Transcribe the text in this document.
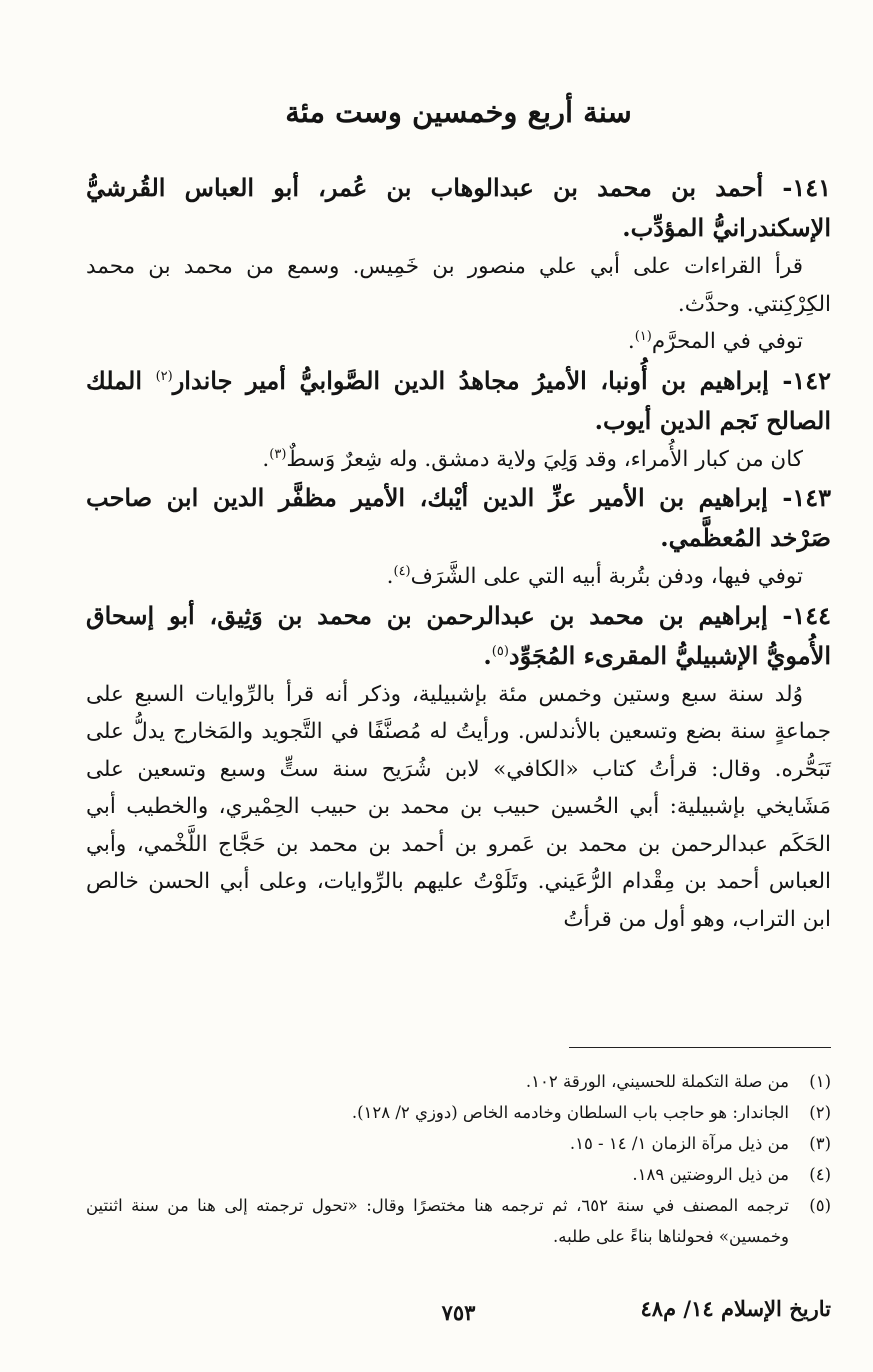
سنة أربع وخمسين وست مئة

١٤١- أحمد بن محمد بن عبدالوهاب بن عُمر، أبو العباس القُرشيُّ الإسكندرانيُّ المؤدِّب.

قرأ القراءات على أبي علي منصور بن خَمِيس. وسمع من محمد بن محمد الكِرْكِنتي. وحدَّث.

توفي في المحرَّم$^{(١)}$.

١٤٢- إبراهيم بن أُونبا، الأميرُ مجاهدُ الدين الصَّوابيُّ أمير جاندار$^{(٢)}$ الملك الصالح نَجم الدين أيوب.

كان من كبار الأُمراء، وقد وَلِيَ ولاية دمشق. وله شِعرٌ وَسطٌ$^{(٣)}$.

١٤٣- إبراهيم بن الأمير عزِّ الدين أيْبك، الأمير مظفَّر الدين ابن صاحب صَرْخد المُعظَّمي.

توفي فيها، ودفن بتُربة أبيه التي على الشَّرَف$^{(٤)}$.

١٤٤- إبراهيم بن محمد بن عبدالرحمن بن محمد بن وَثِيق، أبو إسحاق الأُمويُّ الإشبيليُّ المقرىء المُجَوِّد$^{(٥)}$.

وُلد سنة سبع وستين وخمس مئة بإشبيلية، وذكر أنه قرأ بالرِّوايات السبع على جماعةٍ سنة بضع وتسعين بالأندلس. ورأيتُ له مُصنَّفًا في التَّجويد والمَخارج يدلُّ على تَبَحُّره. وقال: قرأتُ كتاب «الكافي» لابن شُرَيح سنة ستٍّ وسبع وتسعين على مَشَايخي بإشبيلية: أبي الحُسين حبيب بن محمد بن حبيب الحِمْيري، والخطيب أبي الحَكَم عبدالرحمن بن محمد بن عَمرو بن أحمد بن محمد بن حَجَّاج اللَّخْمي، وأبي العباس أحمد بن مِقْدام الرُّعَيني. وتَلَوْتُ عليهم بالرِّوايات، وعلى أبي الحسن خالص ابن التراب، وهو أول من قرأتُ

(١)
من صلة التكملة للحسيني، الورقة ١٠٢.
(٢)
الجاندار: هو حاجب باب السلطان وخادمه الخاص (دوزي ٢/ ١٢٨).
(٣)
من ذيل مرآة الزمان ١/ ١٤ - ١٥.
(٤)
من ذيل الروضتين ١٨٩.
(٥)
ترجمه المصنف في سنة ٦٥٢، ثم ترجمه هنا مختصرًا وقال: «تحول ترجمته إلى هنا من سنة اثنتين وخمسين» فحولناها بناءً على طلبه.
تاريخ الإسلام ١٤/ م٤٨
٧٥٣
